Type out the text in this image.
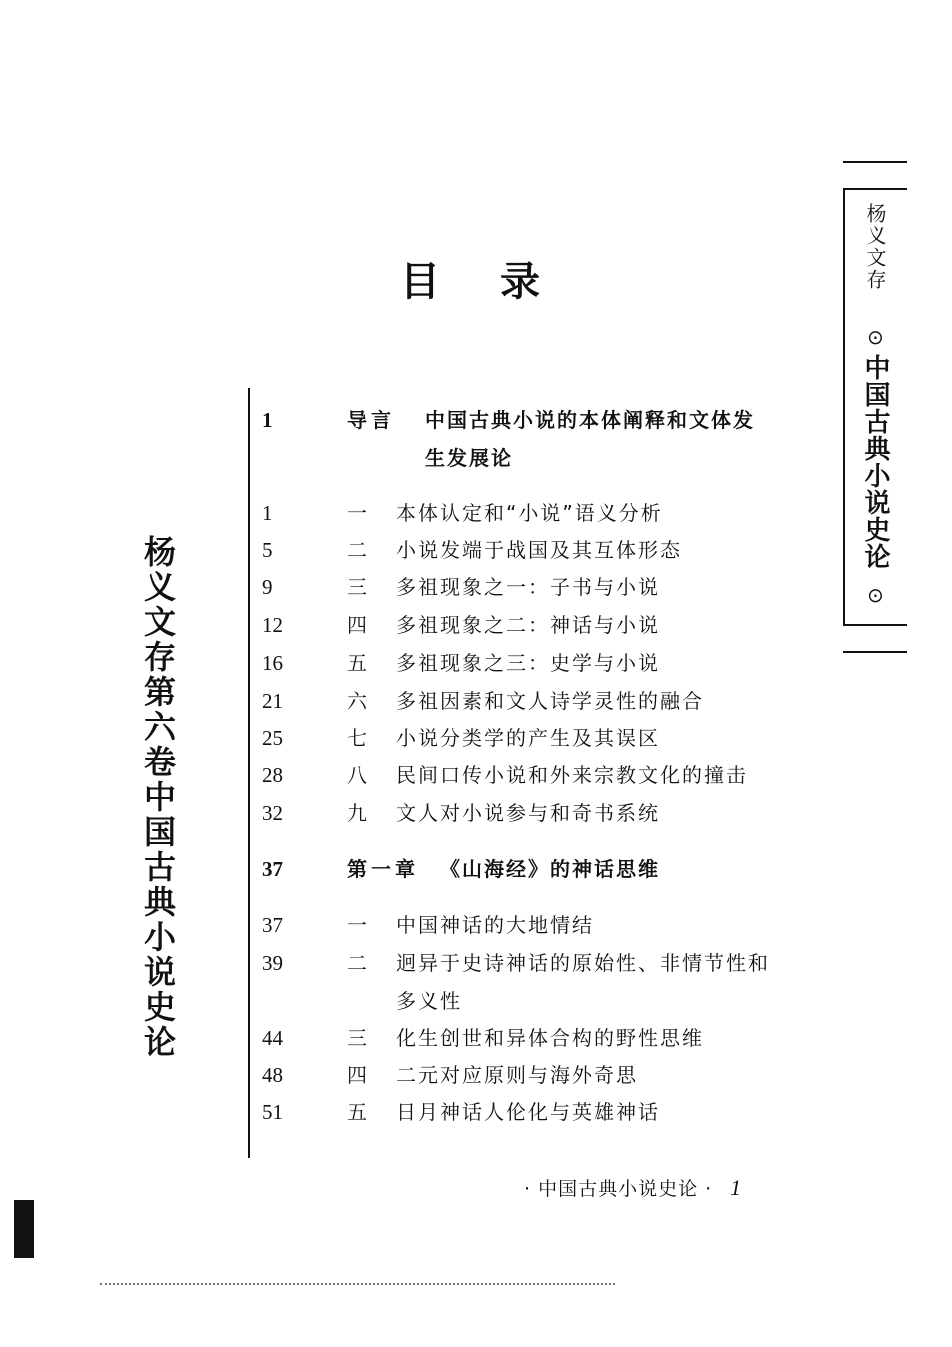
目录
杨义文存第六卷中国古典小说史论
杨义文存
⊙
中国古典小说史论
⊙
1	导言 中国古典小说的本体阐释和文体发
生发展论
1	一 本体认定和“小说”语义分析
5	二 小说发端于战国及其互体形态
9	三 多祖现象之一：子书与小说
12	四 多祖现象之二：神话与小说
16	五 多祖现象之三：史学与小说
21	六 多祖因素和文人诗学灵性的融合
25	七 小说分类学的产生及其误区
28	八 民间口传小说和外来宗教文化的撞击
32	九 文人对小说参与和奇书系统
37	第一章 《山海经》的神话思维
37	一 中国神话的大地情结
39	二 迥异于史诗神话的原始性、非情节性和
多义性
44	三 化生创世和异体合构的野性思维
48	四 二元对应原则与海外奇思
51	五 日月神话人伦化与英雄神话
· 中国古典小说史论 · 1
